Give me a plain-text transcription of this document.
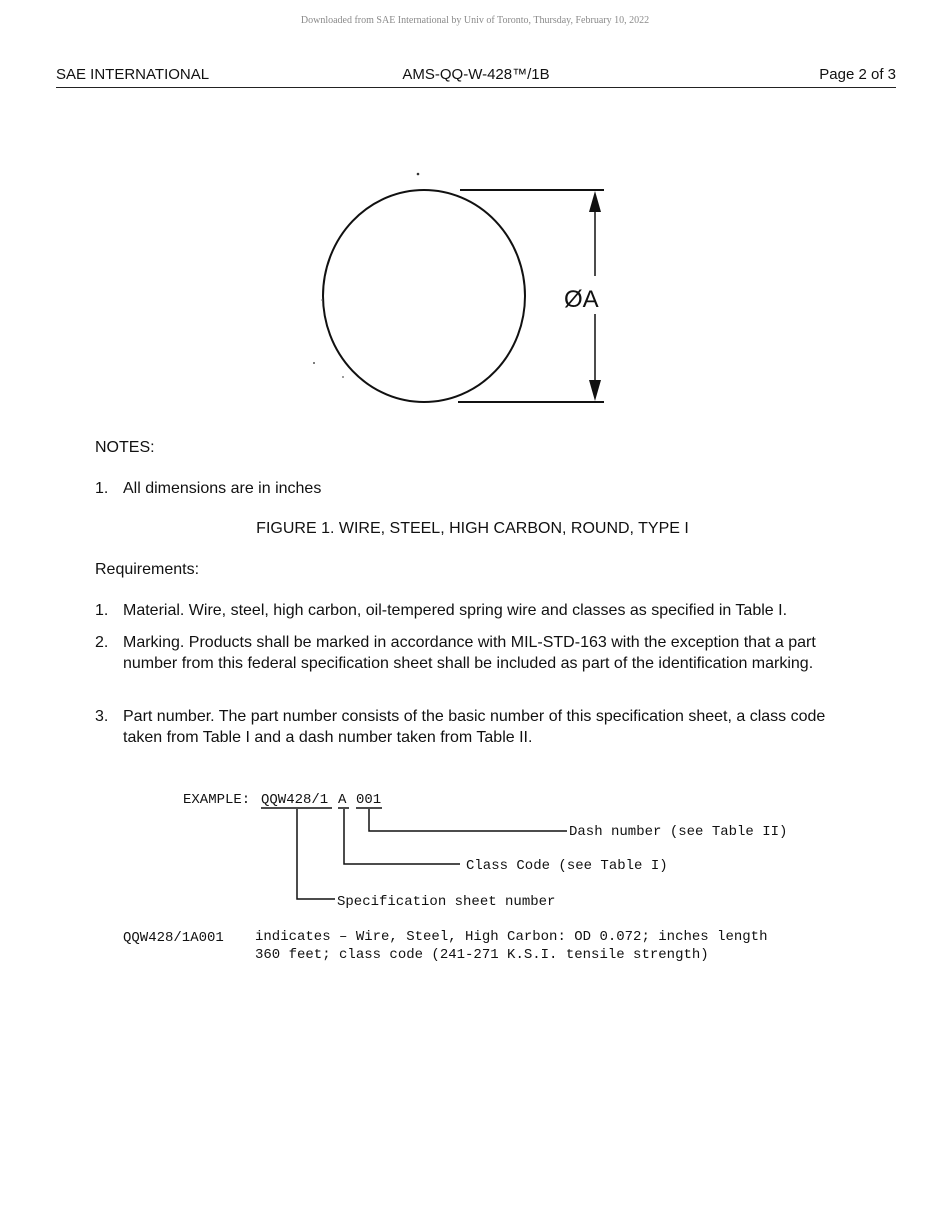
Downloaded from SAE International by Univ of Toronto, Thursday, February 10, 2022
SAE INTERNATIONAL	AMS-QQ-W-428™/1B	Page 2 of 3
ØA
NOTES:
1. All dimensions are in inches
FIGURE 1. WIRE, STEEL, HIGH CARBON, ROUND, TYPE I
Requirements:
1. Material. Wire, steel, high carbon, oil-tempered spring wire and classes as specified in Table I.
2. Marking. Products shall be marked in accordance with MIL-STD-163 with the exception that a part number from this federal specification sheet shall be included as part of the identification marking.
3. Part number. The part number consists of the basic number of this specification sheet, a class code taken from Table I and a dash number taken from Table II.
EXAMPLE: QQW428/1 A 001
Dash number (see Table II)
Class Code (see Table I)
Specification sheet number
QQW428/1A001 indicates – Wire, Steel, High Carbon: OD 0.072; inches length
360 feet; class code (241-271 K.S.I. tensile strength)
